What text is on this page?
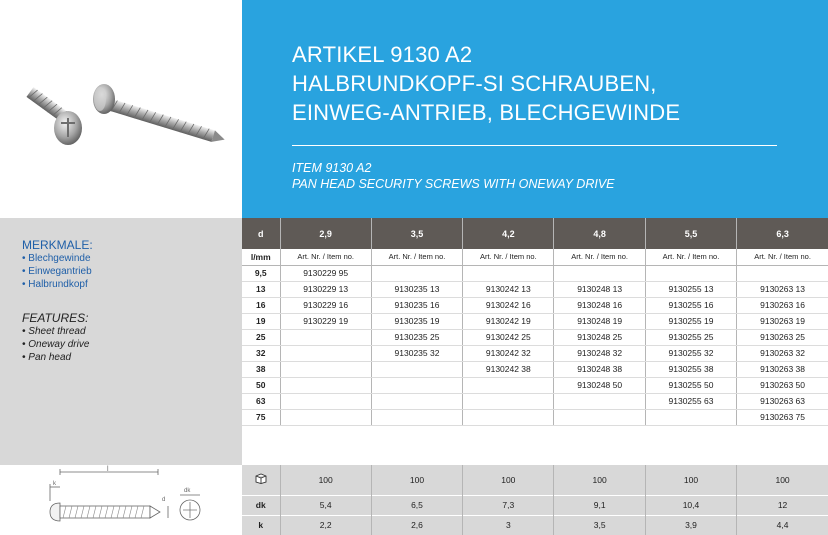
ARTIKEL 9130 A2
HALBRUNDKOPF-SI SCHRAUBEN,
EINWEG-ANTRIEB, BLECHGEWINDE
ITEM 9130 A2
PAN HEAD SECURITY SCREWS WITH ONEWAY DRIVE
MERKMALE:
• Blechgewinde
• Einwegantrieb
• Halbrundkopf
FEATURES:
• Sheet thread
• Oneway drive
• Pan head
d	2,9	3,5	4,2	4,8	5,5	6,3
l/mm	Art. Nr. / Item no.	Art. Nr. / Item no.	Art. Nr. / Item no.	Art. Nr. / Item no.	Art. Nr. / Item no.	Art. Nr. / Item no.
9,5	9130229 95					
13	9130229 13	9130235 13	9130242 13	9130248 13	9130255 13	9130263 13
16	9130229 16	9130235 16	9130242 16	9130248 16	9130255 16	9130263 16
19	9130229 19	9130235 19	9130242 19	9130248 19	9130255 19	9130263 19
25		9130235 25	9130242 25	9130248 25	9130255 25	9130263 25
32		9130235 32	9130242 32	9130248 32	9130255 32	9130263 32
38			9130242 38	9130248 38	9130255 38	9130263 38
50				9130248 50	9130255 50	9130263 50
63					9130255 63	9130263 63
75						9130263 75
l
k
d
dk
	100	100	100	100	100	100
dk	5,4	6,5	7,3	9,1	10,4	12
k	2,2	2,6	3	3,5	3,9	4,4
